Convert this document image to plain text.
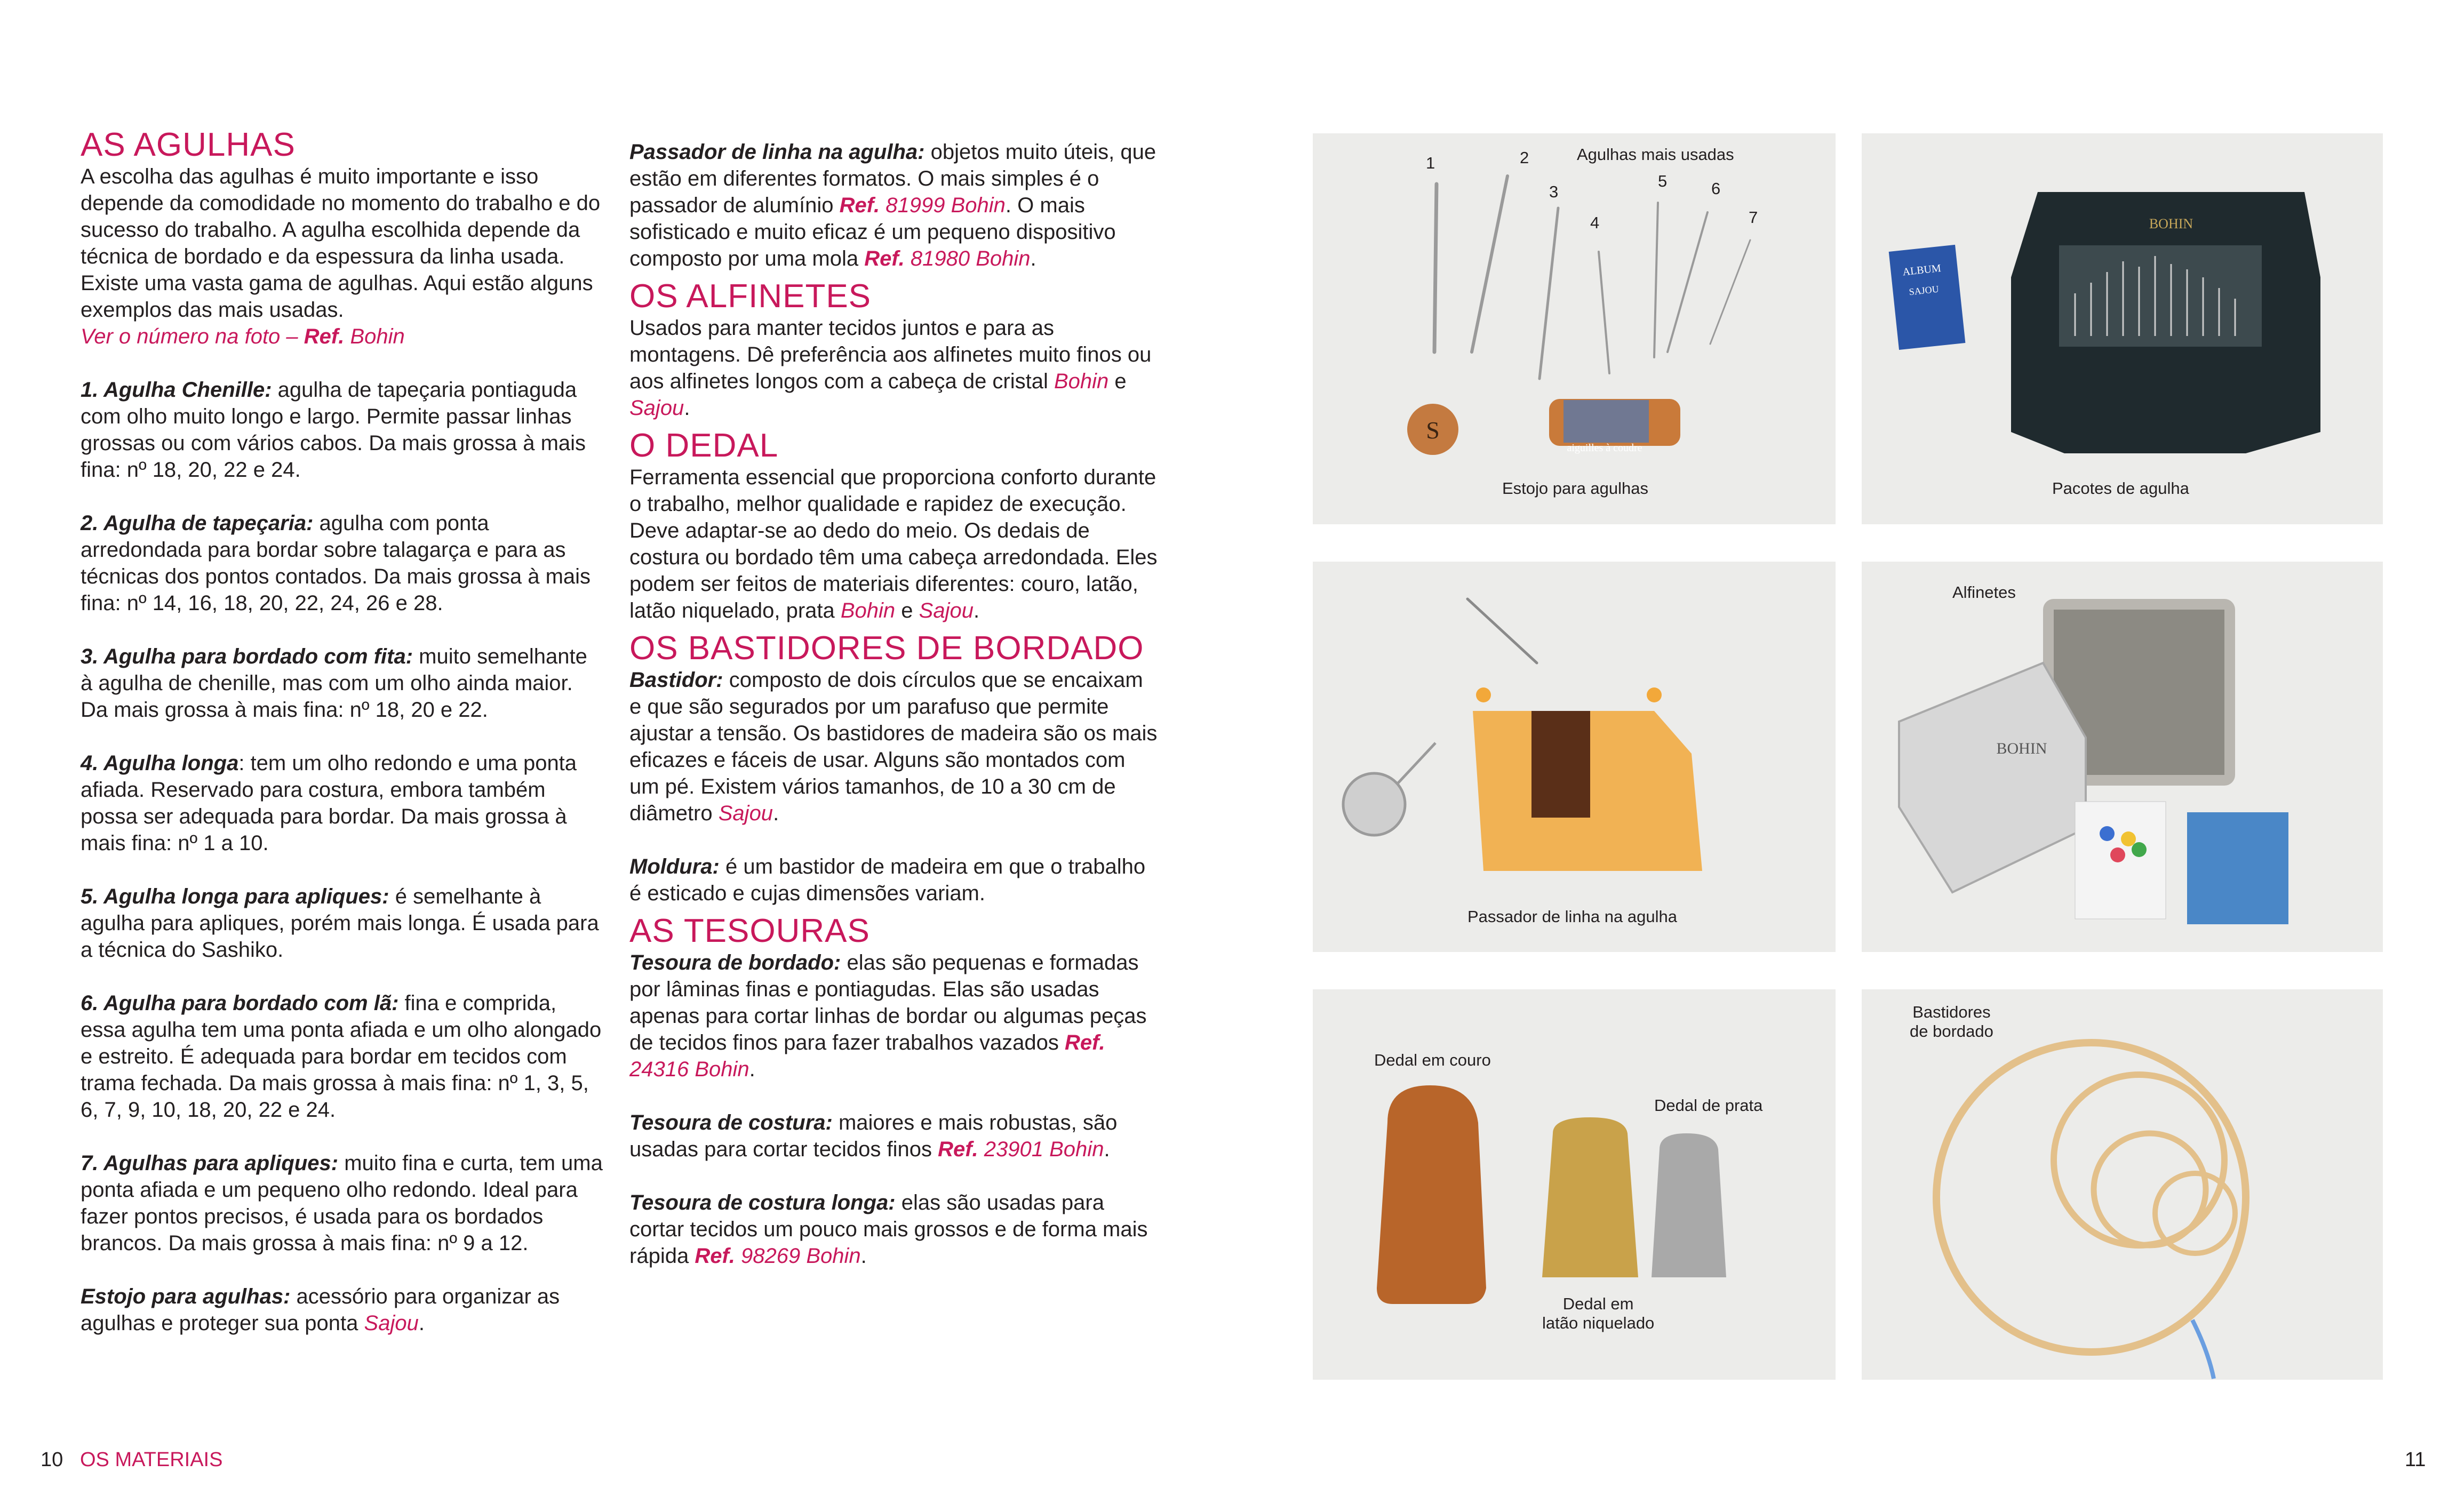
AS AGULHAS

A escolha das agulhas é muito importante e isso depende da comodidade no momento do trabalho e do sucesso do trabalho. A agulha escolhida depende da técnica de bordado e da espessura da linha usada. Existe uma vasta gama de agulhas. Aqui estão alguns exemplos das mais usadas.
Ver o número na foto – Ref. Bohin

1. Agulha Chenille: agulha de tapeçaria pontiaguda com olho muito longo e largo. Permite passar linhas grossas ou com vários cabos. Da mais grossa à mais fina: nº 18, 20, 22 e 24.

2. Agulha de tapeçaria: agulha com ponta arredondada para bordar sobre talagarça e para as técnicas dos pontos contados. Da mais grossa à mais fina: nº 14, 16, 18, 20, 22, 24, 26 e 28.

3. Agulha para bordado com fita: muito semelhante à agulha de chenille, mas com um olho ainda maior. Da mais grossa à mais fina: nº 18, 20 e 22.

4. Agulha longa: tem um olho redondo e uma ponta afiada. Reservado para costura, embora também possa ser adequada para bordar. Da mais grossa à mais fina: nº 1 a 10.

5. Agulha longa para apliques: é semelhante à agulha para apliques, porém mais longa. É usada para a técnica do Sashiko.

6. Agulha para bordado com lã: fina e comprida, essa agulha tem uma ponta afiada e um olho alongado e estreito. É adequada para bordar em tecidos com trama fechada. Da mais grossa à mais fina: nº 1, 3, 5, 6, 7, 9, 10, 18, 20, 22 e 24.

7. Agulhas para apliques: muito fina e curta, tem uma ponta afiada e um pequeno olho redondo. Ideal para fazer pontos precisos, é usada para os bordados brancos. Da mais grossa à mais fina: nº 9 a 12.

Estojo para agulhas: acessório para organizar as agulhas e proteger sua ponta Sajou.

Passador de linha na agulha: objetos muito úteis, que estão em diferentes formatos. O mais simples é o passador de alumínio Ref. 81999 Bohin. O mais sofisticado e muito eficaz é um pequeno dispositivo composto por uma mola Ref. 81980 Bohin.

OS ALFINETES

Usados para manter tecidos juntos e para as montagens. Dê preferência aos alfinetes muito finos ou aos alfinetes longos com a cabeça de cristal Bohin e Sajou.

O DEDAL

Ferramenta essencial que proporciona conforto durante o trabalho, melhor qualidade e rapidez de execução. Deve adaptar-se ao dedo do meio. Os dedais de costura ou bordado têm uma cabeça arredondada. Eles podem ser feitos de materiais diferentes: couro, latão, latão niquelado, prata Bohin e Sajou.

OS BASTIDORES DE BORDADO

Bastidor: composto de dois círculos que se encaixam e que são segurados por um parafuso que permite ajustar a tensão. Os bastidores de madeira são os mais eficazes e fáceis de usar. Alguns são montados com um pé. Existem vários tamanhos, de 10 a 30 cm de diâmetro Sajou.

Moldura: é um bastidor de madeira em que o trabalho é esticado e cujas dimensões variam.

AS TESOURAS

Tesoura de bordado: elas são pequenas e formadas por lâminas finas e pontiagudas. Elas são usadas apenas para cortar linhas de bordar ou algumas peças de tecidos finos para fazer trabalhos vazados Ref. 24316 Bohin.

Tesoura de costura: maiores e mais robustas, são usadas para cortar tecidos finos Ref. 23901 Bohin.

Tesoura de costura longa: elas são usadas para cortar tecidos um pouco mais grossos e de forma mais rápida Ref. 98269 Bohin.

S
aiguilles à coudre
Agulhas mais usadas
1	2
3
4
5	6
7
Estojo para agulhas
BOHIN
ALBUM
SAJOU
Pacotes de agulha
Passador de linha na agulha
BOHIN
Alfinetes
Dedal em couro
Dedal de prata
Dedal em
latão niquelado
Bastidores
de bordado
10 OS MATERIAIS	11
